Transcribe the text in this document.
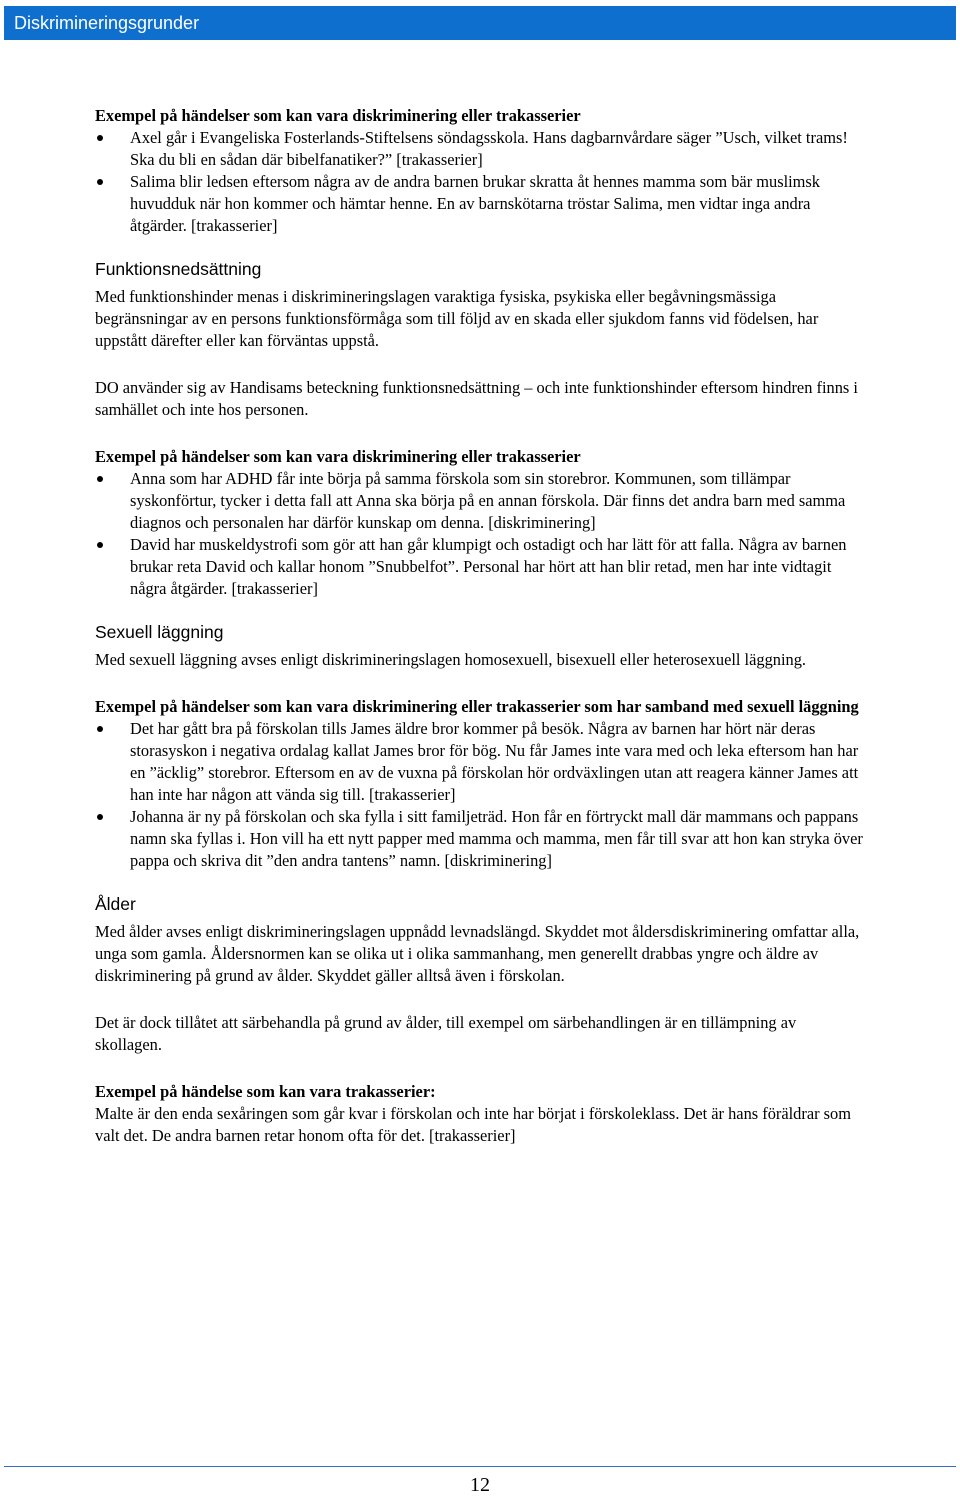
Diskrimineringsgrunder

Exempel på händelser som kan vara diskriminering eller trakasserier

Axel går i Evangeliska Fosterlands-Stiftelsens söndagsskola. Hans dagbarnvårdare säger ”Usch, vilket trams! Ska du bli en sådan där bibelfanatiker?” [trakasserier]
Salima blir ledsen eftersom några av de andra barnen brukar skratta åt hennes mamma som bär muslimsk huvudduk när hon kommer och hämtar henne. En av barnskötarna tröstar Salima, men vidtar inga andra åtgärder. [trakasserier]
Funktionsnedsättning

Med funktionshinder menas i diskrimineringslagen varaktiga fysiska, psykiska eller begåvningsmässiga begränsningar av en persons funktionsförmåga som till följd av en skada eller sjukdom fanns vid födelsen, har uppstått därefter eller kan förväntas uppstå.

DO använder sig av Handisams beteckning funktionsnedsättning – och inte funktionshinder eftersom hindren finns i samhället och inte hos personen.

Exempel på händelser som kan vara diskriminering eller trakasserier

Anna som har ADHD får inte börja på samma förskola som sin storebror. Kommunen, som tillämpar syskonförtur, tycker i detta fall att Anna ska börja på en annan förskola. Där finns det andra barn med samma diagnos och personalen har därför kunskap om denna. [diskriminering]
David har muskeldystrofi som gör att han går klumpigt och ostadigt och har lätt för att falla. Några av barnen brukar reta David och kallar honom ”Snubbelfot”. Personal har hört att han blir retad, men har inte vidtagit några åtgärder. [trakasserier]
Sexuell läggning

Med sexuell läggning avses enligt diskrimineringslagen homosexuell, bisexuell eller heterosexuell läggning.

Exempel på händelser som kan vara diskriminering eller trakasserier som har samband med sexuell läggning

Det har gått bra på förskolan tills James äldre bror kommer på besök. Några av barnen har hört när deras storasyskon i negativa ordalag kallat James bror för bög. Nu får James inte vara med och leka eftersom han har en ”äcklig” storebror. Eftersom en av de vuxna på förskolan hör ordväxlingen utan att reagera känner James att han inte har någon att vända sig till. [trakasserier]
Johanna är ny på förskolan och ska fylla i sitt familjeträd. Hon får en förtryckt mall där mammans och pappans namn ska fyllas i. Hon vill ha ett nytt papper med mamma och mamma, men får till svar att hon kan stryka över pappa och skriva dit ”den andra tantens” namn. [diskriminering]
Ålder

Med ålder avses enligt diskrimineringslagen uppnådd levnadslängd. Skyddet mot åldersdiskriminering omfattar alla, unga som gamla. Åldersnormen kan se olika ut i olika sammanhang, men generellt drabbas yngre och äldre av diskriminering på grund av ålder. Skyddet gäller alltså även i förskolan.

Det är dock tillåtet att särbehandla på grund av ålder, till exempel om särbehandlingen är en tillämpning av skollagen.

Exempel på händelse som kan vara trakasserier:

Malte är den enda sexåringen som går kvar i förskolan och inte har börjat i förskoleklass. Det är hans föräldrar som valt det. De andra barnen retar honom ofta för det. [trakasserier]

12
